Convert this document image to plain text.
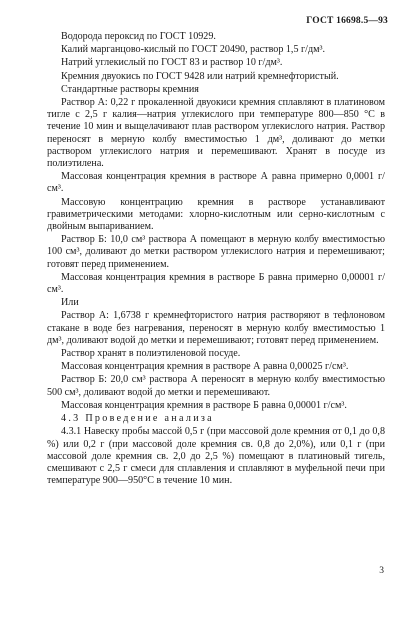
ГОСТ 16698.5—93

Водорода пероксид по ГОСТ 10929.

Калий марганцово-кислый по ГОСТ 20490, раствор 1,5 г/дм³.

Натрий углекислый по ГОСТ 83 и раствор 10 г/дм³.

Кремния двуокись по ГОСТ 9428 или натрий кремнефтористый.

Стандартные растворы кремния

Раствор А: 0,22 г прокаленной двуокиси кремния сплавляют в платиновом тигле с 2,5 г калия—натрия углекислого при температуре 800—850 °С в течение 10 мин и выщелачивают плав раствором углекислого натрия. Раствор переносят в мерную колбу вместимостью 1 дм³, доливают до метки раствором углекислого натрия и перемешивают. Хранят в посуде из полиэтилена.

Массовая концентрация кремния в растворе А равна примерно 0,0001 г/см³.

Массовую концентрацию кремния в растворе устанавливают гравиметрическими методами: хлорно-кислотным или серно-кислотным с двойным выпариванием.

Раствор Б: 10,0 см³ раствора А помещают в мерную колбу вместимостью 100 см³, доливают до метки раствором углекислого натрия и перемешивают; готовят перед применением.

Массовая концентрация кремния в растворе Б равна примерно 0,00001 г/см³.

Или

Раствор А: 1,6738 г кремнефтористого натрия растворяют в тефлоновом стакане в воде без нагревания, переносят в мерную колбу вместимостью 1 дм³, доливают водой до метки и перемешивают; готовят перед применением.

Раствор хранят в полиэтиленовой посуде.

Массовая концентрация кремния в растворе А равна 0,00025 г/см³.

Раствор Б: 20,0 см³ раствора А переносят в мерную колбу вместимостью 500 см³, доливают водой до метки и перемешивают.

Массовая концентрация кремния в растворе Б равна 0,00001 г/см³.

4.3 Проведение анализа

4.3.1 Навеску пробы массой 0,5 г (при массовой доле кремния от 0,1 до 0,8 %) или 0,2 г (при массовой доле кремния св. 0,8 до 2,0%), или 0,1 г (при массовой доле кремния св. 2,0 до 2,5 %) помещают в платиновый тигель, смешивают с 2,5 г смеси для сплавления и сплавляют в муфельной печи при температуре 900—950°С в течение 10 мин.

3
